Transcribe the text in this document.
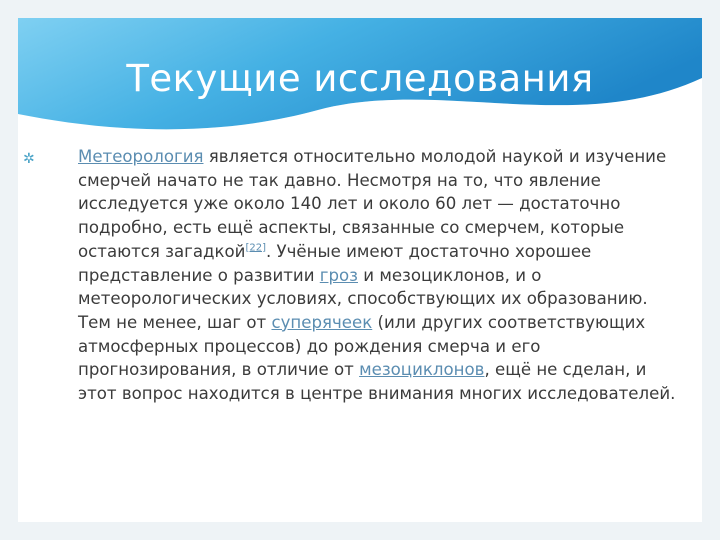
Текущие исследования
✲	Метеорология является относительно молодой наукой и изучение смерчей начато не так давно. Несмотря на то, что явление исследуется уже около 140 лет и около 60 лет — достаточно подробно, есть ещё аспекты, связанные со смерчем, которые остаются загадкой[22]. Учёные имеют достаточно хорошее представление о развитии гроз и мезоциклонов, и о метеорологических условиях, способствующих их образованию. Тем не менее, шаг от суперячеек (или других соответствующих атмосферных процессов) до рождения смерча и его прогнозирования, в отличие от мезоциклонов, ещё не сделан, и этот вопрос находится в центре внимания многих исследователей.
